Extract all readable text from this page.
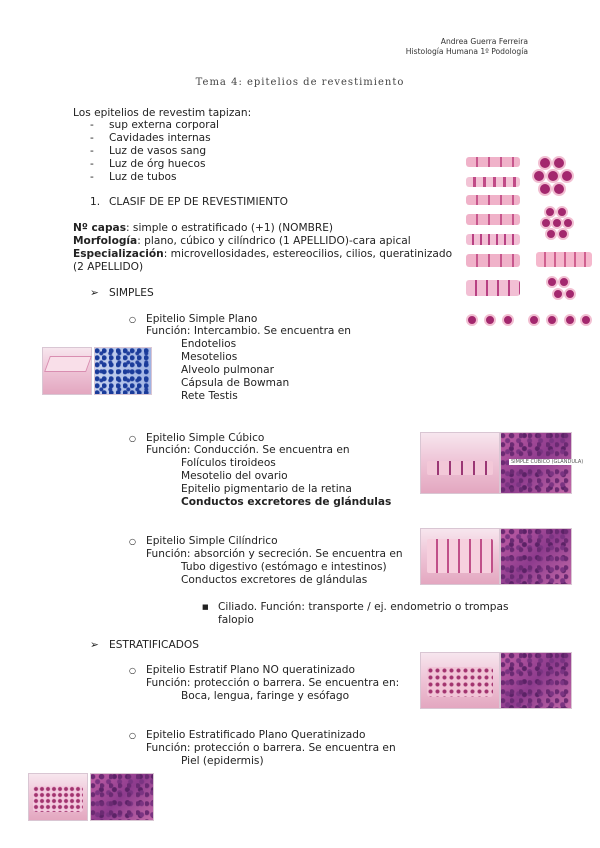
Andrea Guerra Ferreira
Histología Humana 1º Podología
Tema 4: epitelios de revestimiento
Los epitelios de revestim tapizan:
- sup externa corporal
- Cavidades internas
- Luz de vasos sang
- Luz de órg huecos
- Luz de tubos
1. CLASIF DE EP DE REVESTIMIENTO
Nº capas: simple o estratificado (+1) (NOMBRE)
Morfología: plano, cúbico y cilíndrico (1 APELLIDO)-cara apical
Especialización: microvellosidades, estereocilios, cilios, queratinizado
(2 APELLIDO)
➢ SIMPLES
○ Epitelio Simple Plano
Función: Intercambio. Se encuentra en
Endotelios
Mesotelios
Alveolo pulmonar
Cápsula de Bowman
Rete Testis
○ Epitelio Simple Cúbico
Función: Conducción. Se encuentra en
Folículos tiroideos
Mesotelio del ovario
Epitelio pigmentario de la retina
Conductos excretores de glándulas
SIMPLE CÚBICO (GLÁNDULA)
○ Epitelio Simple Cilíndrico
Función: absorción y secreción. Se encuentra en
Tubo digestivo (estómago e intestinos)
Conductos excretores de glándulas
■ Ciliado. Función: transporte / ej. endometrio o trompas
falopio
➢ ESTRATIFICADOS
○ Epitelio Estratif Plano NO queratinizado
Función: protección o barrera. Se encuentra en:
Boca, lengua, faringe y esófago
○ Epitelio Estratificado Plano Queratinizado
Función: protección o barrera. Se encuentra en
Piel (epidermis)
